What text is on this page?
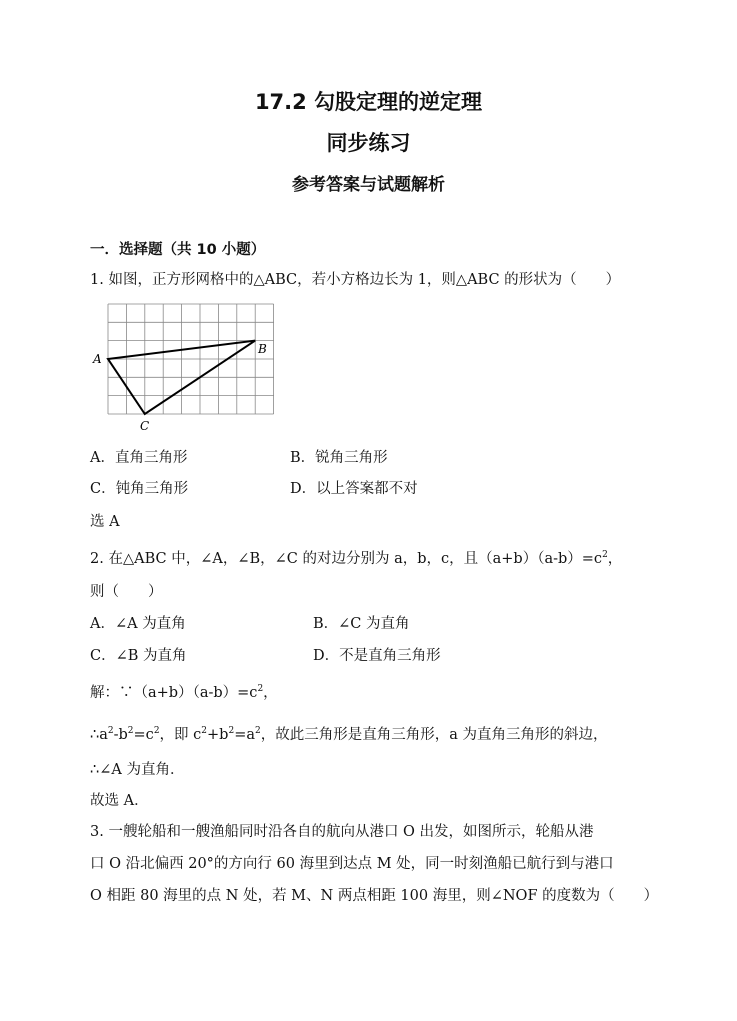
17.2 勾股定理的逆定理
同步练习
参考答案与试题解析
一．选择题（共 10 小题）
1. 如图，正方形网格中的△ABC，若小方格边长为 1，则△ABC 的形状为（　　）
A
B
C
A．直角三角形	B．锐角三角形
C．钝角三角形	D．以上答案都不对
选 A
2. 在△ABC 中，∠A，∠B，∠C 的对边分别为 a，b，c，且$(a+b)(a-b)=c^2$，
则（　　）
A．∠A 为直角	B．∠C 为直角
C．∠B 为直角	D．不是直角三角形
解：$\because(a+b)(a-b)=c^2$，
$\therefore a^2-b^2=c^2$，即 $c^2+b^2=a^2$，故此三角形是直角三角形，a 为直角三角形的斜边，
∴∠A 为直角．
故选 A．
3. 一艘轮船和一艘渔船同时沿各自的航向从港口 O 出发，如图所示，轮船从港
口 O 沿北偏西 20°的方向行 60 海里到达点 M 处，同一时刻渔船已航行到与港口
O 相距 80 海里的点 N 处，若 M、N 两点相距 100 海里，则∠NOF 的度数为（　　）
